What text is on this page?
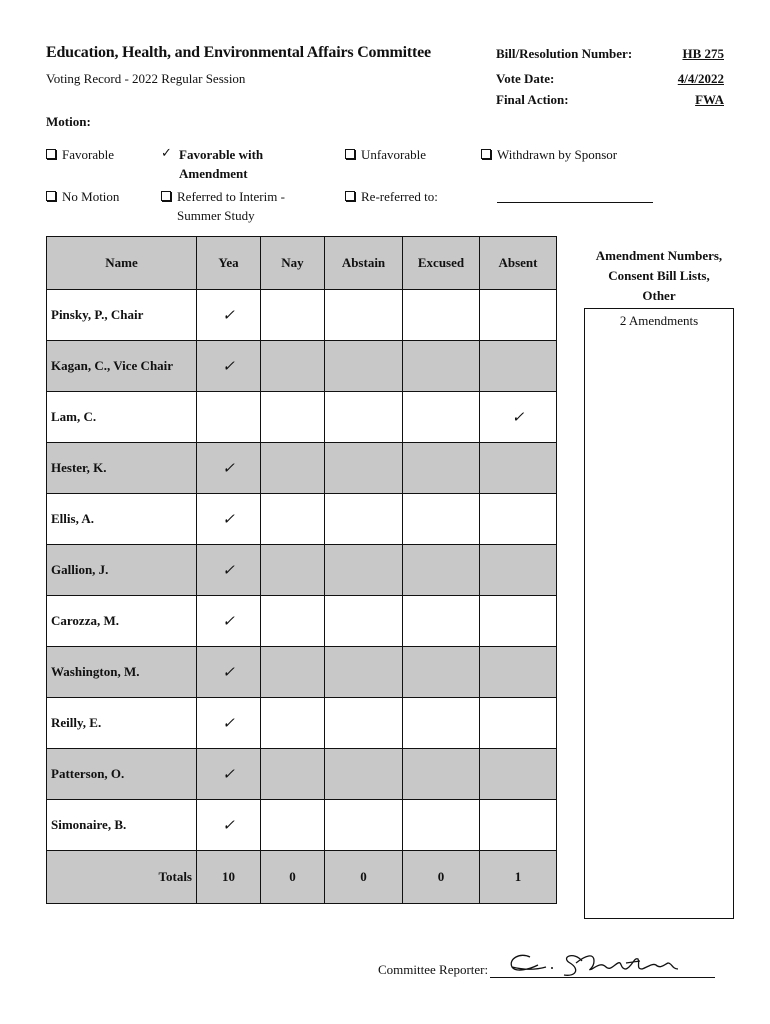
Education, Health, and Environmental Affairs Committee
Voting Record - 2022 Regular Session
Motion:
Bill/Resolution Number:	HB 275
Vote Date:	4/4/2022
Final Action:	FWA
Favorable	✓ Favorable with
Amendment
Unfavorable	Withdrawn by Sponsor
No Motion	Referred to Interim -
Summer Study
Re-referred to:
Name	Yea	Nay	Abstain	Excused	Absent
Pinsky, P., Chair	✓				
Kagan, C., Vice Chair	✓				
Lam, C.					✓
Hester, K.	✓				
Ellis, A.	✓				
Gallion, J.	✓				
Carozza, M.	✓				
Washington, M.	✓				
Reilly, E.	✓				
Patterson, O.	✓				
Simonaire, B.	✓				
Totals	10	0	0	0	1
Amendment Numbers,
Consent Bill Lists,
Other
2 Amendments
Committee Reporter:
